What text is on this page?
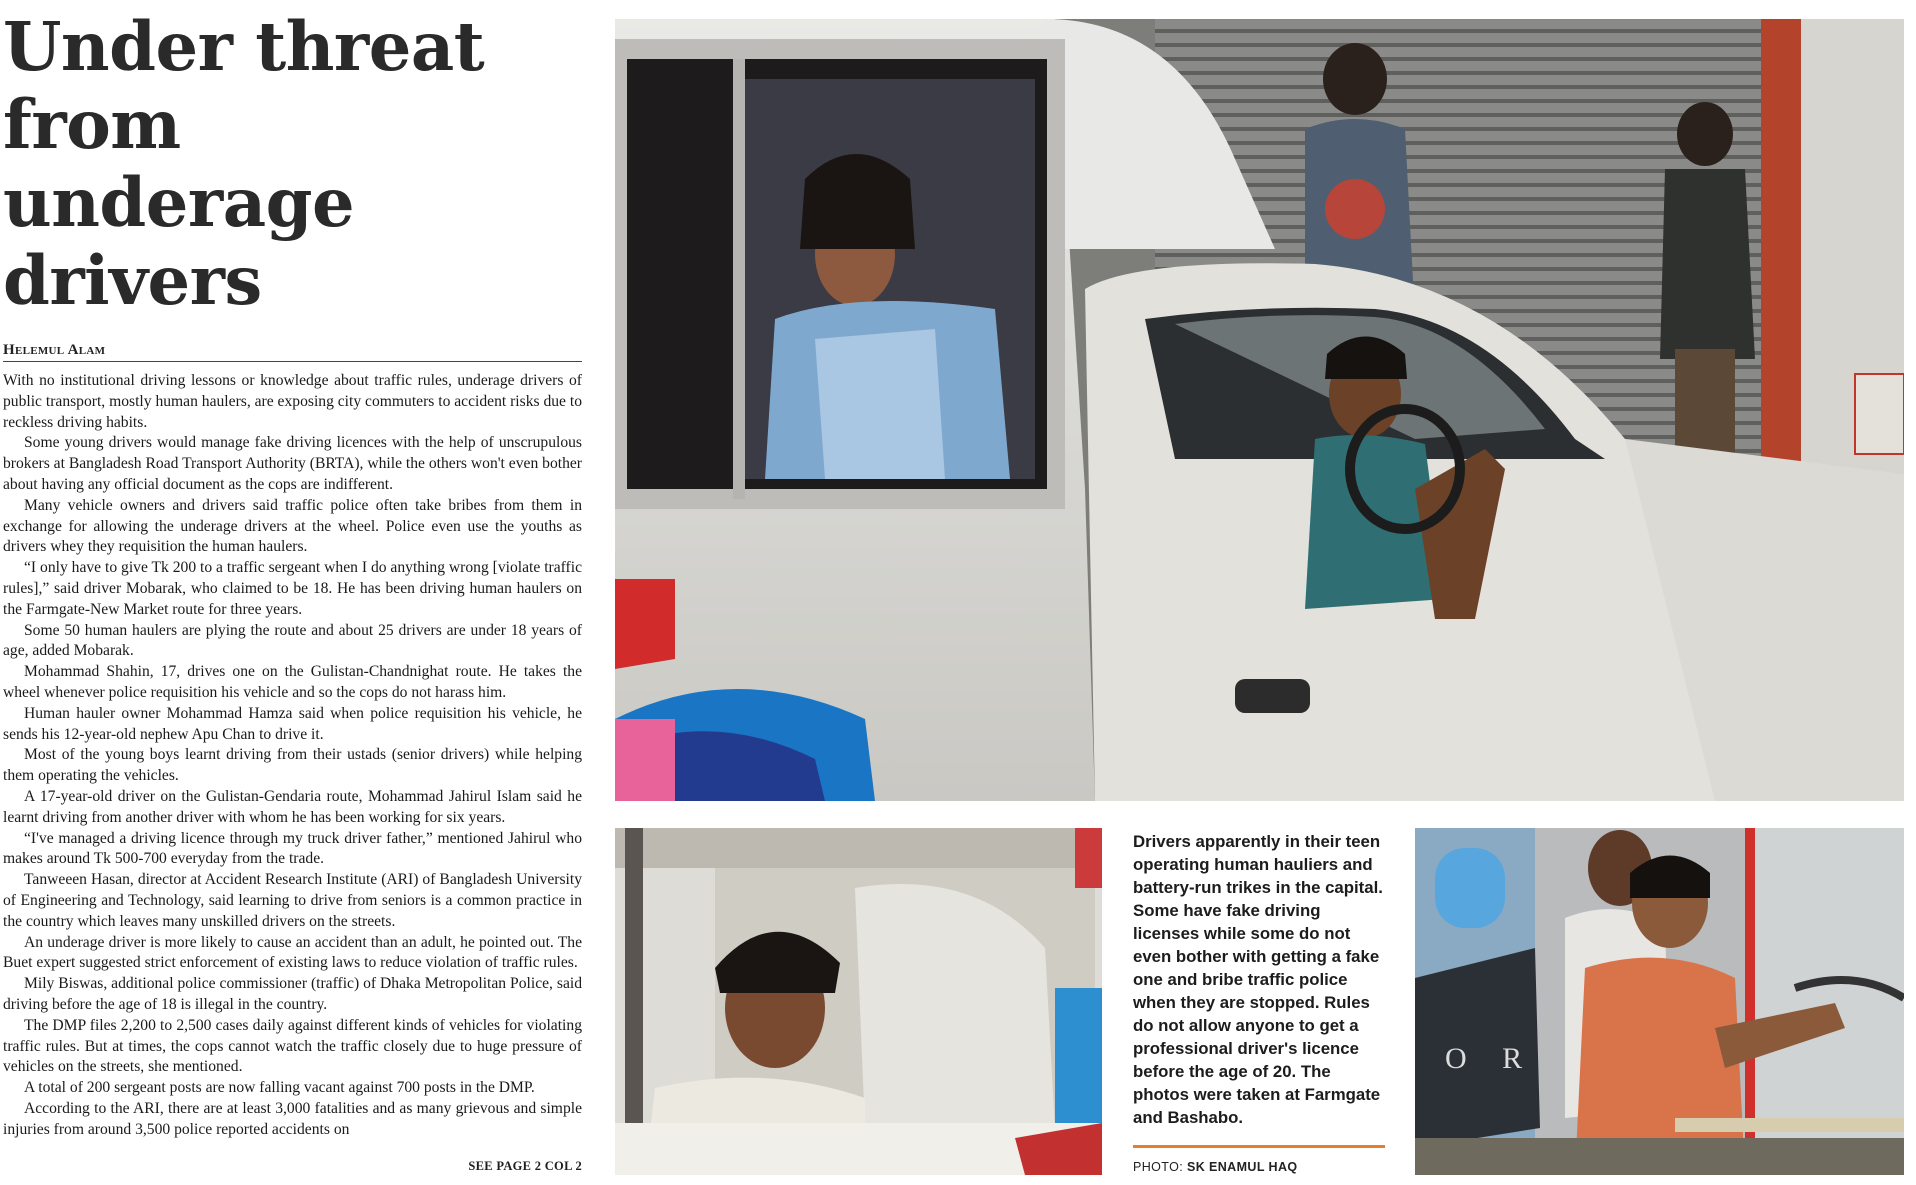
Under threat from
underage drivers
Helemul Alam

With no institutional driving lessons or knowledge about traffic rules, underage drivers of public transport, mostly human haulers, are exposing city commuters to accident risks due to reckless driving habits.

Some young drivers would manage fake driving licences with the help of unscrupulous brokers at Bangladesh Road Transport Authority (BRTA), while the others won't even bother about having any official document as the cops are indifferent.

Many vehicle owners and drivers said traffic police often take bribes from them in exchange for allowing the underage drivers at the wheel. Police even use the youths as drivers whey they requisition the human haulers.

“I only have to give Tk 200 to a traffic sergeant when I do anything wrong [violate traffic rules],” said driver Mobarak, who claimed to be 18. He has been driving human haulers on the Farmgate-New Market route for three years.

Some 50 human haulers are plying the route and about 25 drivers are under 18 years of age, added Mobarak.

Mohammad Shahin, 17, drives one on the Gulistan-Chandnighat route. He takes the wheel whenever police requisition his vehicle and so the cops do not harass him.

Human hauler owner Mohammad Hamza said when police requisition his vehicle, he sends his 12-year-old nephew Apu Chan to drive it.

Most of the young boys learnt driving from their ustads (senior drivers) while helping them operating the vehicles.

A 17-year-old driver on the Gulistan-Gendaria route, Mohammad Jahirul Islam said he learnt driving from another driver with whom he has been working for six years.

“I've managed a driving licence through my truck driver father,” mentioned Jahirul who makes around Tk 500-700 everyday from the trade.

Tanweeen Hasan, director at Accident Research Institute (ARI) of Bangladesh University of Engineering and Technology, said learning to drive from seniors is a common practice in the country which leaves many unskilled drivers on the streets.

An underage driver is more likely to cause an accident than an adult, he pointed out. The Buet expert suggested strict enforcement of existing laws to reduce violation of traffic rules.

Mily Biswas, additional police commissioner (traffic) of Dhaka Metropolitan Police, said driving before the age of 18 is illegal in the country.

The DMP files 2,200 to 2,500 cases daily against different kinds of vehicles for violating traffic rules. But at times, the cops cannot watch the traffic closely due to huge pressure of vehicles on the streets, she mentioned.

A total of 200 sergeant posts are now falling vacant against 700 posts in the DMP.

According to the ARI, there are at least 3,000 fatalities and as many grievous and simple injuries from around 3,500 police reported accidents on

SEE PAGE 2 COL 2
Drivers apparently in their teen operating human hauliers and battery-run trikes in the capital. Some have fake driving licenses while some do not even bother with getting a fake one and bribe traffic police when they are stopped. Rules do not allow anyone to get a professional driver's licence before the age of 20. The photos were taken at Farmgate and Bashabo.
PHOTO: SK ENAMUL HAQ
O R
